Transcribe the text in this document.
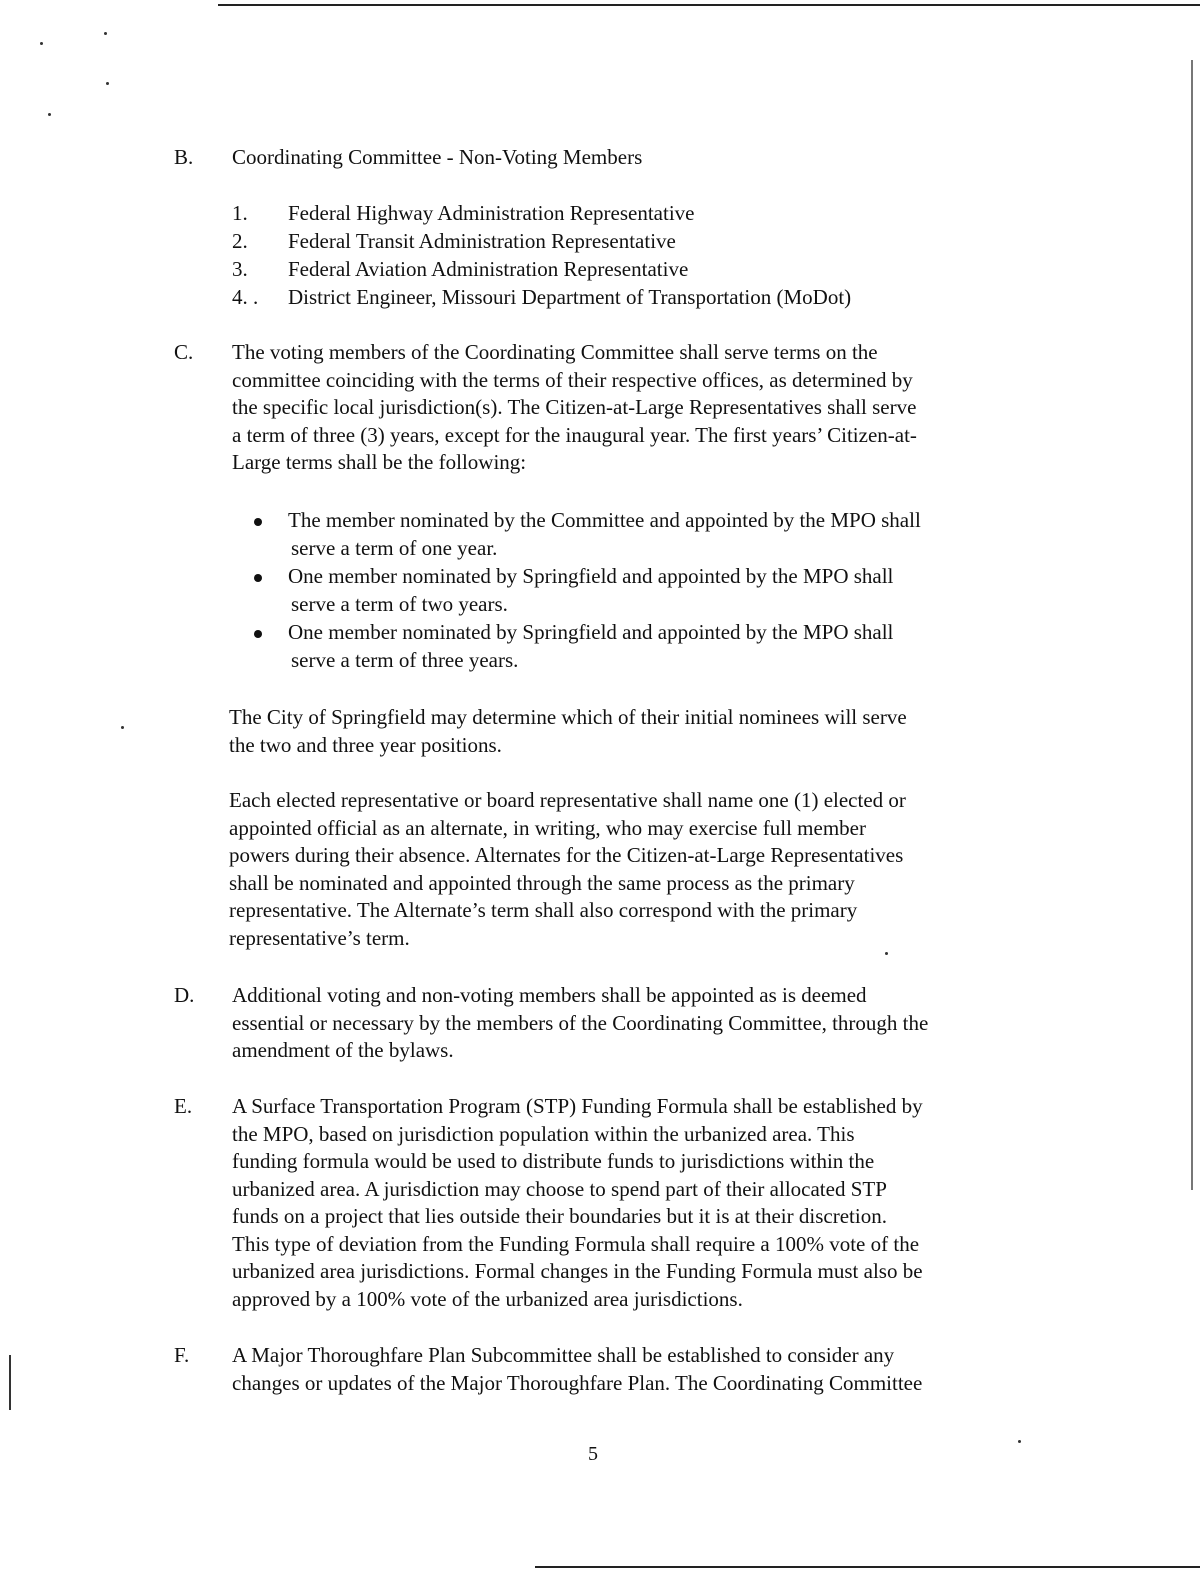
B. Coordinating Committee - Non-Voting Members
1. Federal Highway Administration Representative
2. Federal Transit Administration Representative
3. Federal Aviation Administration Representative
4. . District Engineer, Missouri Department of Transportation (MoDot)
C. The voting members of the Coordinating Committee shall serve terms on the
committee coinciding with the terms of their respective offices, as determined by
the specific local jurisdiction(s). The Citizen-at-Large Representatives shall serve
a term of three (3) years, except for the inaugural year. The first years’ Citizen-at-
Large terms shall be the following:
The member nominated by the Committee and appointed by the MPO shall
serve a term of one year.
One member nominated by Springfield and appointed by the MPO shall
serve a term of two years.
One member nominated by Springfield and appointed by the MPO shall
serve a term of three years.
The City of Springfield may determine which of their initial nominees will serve
the two and three year positions.
Each elected representative or board representative shall name one (1) elected or
appointed official as an alternate, in writing, who may exercise full member
powers during their absence. Alternates for the Citizen-at-Large Representatives
shall be nominated and appointed through the same process as the primary
representative. The Alternate’s term shall also correspond with the primary
representative’s term.
D. Additional voting and non-voting members shall be appointed as is deemed
essential or necessary by the members of the Coordinating Committee, through the
amendment of the bylaws.
E. A Surface Transportation Program (STP) Funding Formula shall be established by
the MPO, based on jurisdiction population within the urbanized area. This
funding formula would be used to distribute funds to jurisdictions within the
urbanized area. A jurisdiction may choose to spend part of their allocated STP
funds on a project that lies outside their boundaries but it is at their discretion.
This type of deviation from the Funding Formula shall require a 100% vote of the
urbanized area jurisdictions. Formal changes in the Funding Formula must also be
approved by a 100% vote of the urbanized area jurisdictions.
F. A Major Thoroughfare Plan Subcommittee shall be established to consider any
changes or updates of the Major Thoroughfare Plan. The Coordinating Committee
5
